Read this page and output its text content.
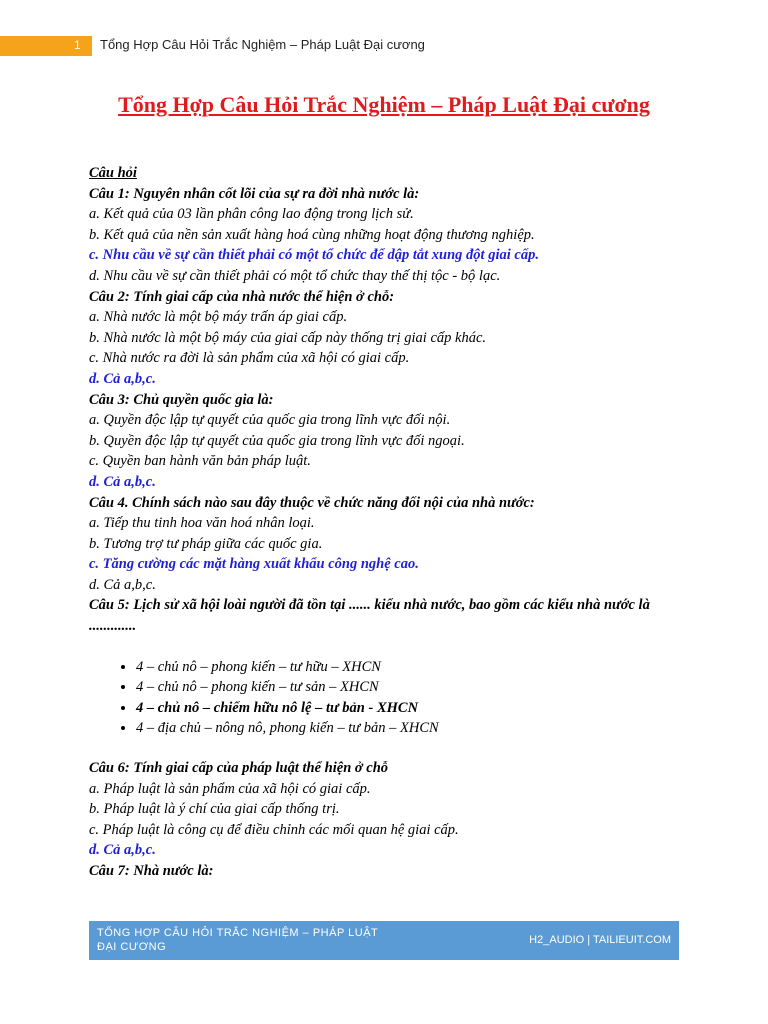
1 Tổng Hợp Câu Hỏi Trắc Nghiệm – Pháp Luật Đại cương
Tổng Hợp Câu Hỏi Trắc Nghiệm – Pháp Luật Đại cương
Câu hỏi
Câu 1: Nguyên nhân cốt lõi của sự ra đời nhà nước là:
a. Kết quả của 03 lần phân công lao động trong lịch sử.
b. Kết quả của nền sản xuất hàng hoá cùng những hoạt động thương nghiệp.
c. Nhu cầu về sự cần thiết phải có một tổ chức để dập tắt xung đột giai cấp.
d. Nhu cầu về sự cần thiết phải có một tổ chức thay thế thị tộc - bộ lạc.
Câu 2: Tính giai cấp của nhà nước thể hiện ở chỗ:
a. Nhà nước là một bộ máy trấn áp giai cấp.
b. Nhà nước là một bộ máy của giai cấp này thống trị giai cấp khác.
c. Nhà nước ra đời là sản phẩm của xã hội có giai cấp.
d. Cả a,b,c.
Câu 3: Chủ quyền quốc gia là:
a. Quyền độc lập tự quyết của quốc gia trong lĩnh vực đối nội.
b. Quyền độc lập tự quyết của quốc gia trong lĩnh vực đối ngoại.
c. Quyền ban hành văn bản pháp luật.
d. Cả a,b,c.
Câu 4. Chính sách nào sau đây thuộc về chức năng đối nội của nhà nước:
a. Tiếp thu tinh hoa văn hoá nhân loại.
b. Tương trợ tư pháp giữa các quốc gia.
c. Tăng cường các mặt hàng xuất khẩu công nghệ cao.
d. Cả a,b,c.
Câu 5: Lịch sử xã hội loài người đã tồn tại ...... kiểu nhà nước, bao gồm các kiểu nhà nước là .............
• 4 – chủ nô – phong kiến – tư hữu – XHCN
• 4 – chủ nô – phong kiến – tư sản – XHCN
• 4 – chủ nô – chiếm hữu nô lệ – tư bản - XHCN
• 4 – địa chủ – nông nô, phong kiến – tư bản – XHCN
Câu 6: Tính giai cấp của pháp luật thể hiện ở chỗ
a. Pháp luật là sản phẩm của xã hội có giai cấp.
b. Pháp luật là ý chí của giai cấp thống trị.
c. Pháp luật là công cụ để điều chỉnh các mối quan hệ giai cấp.
d. Cả a,b,c.
Câu 7: Nhà nước là:
TỔNG HỢP CÂU HỎI TRẮC NGHIỆM – PHÁP LUẬT ĐẠI CƯƠNG
H2_AUDIO | TAILIEUIT.COM
